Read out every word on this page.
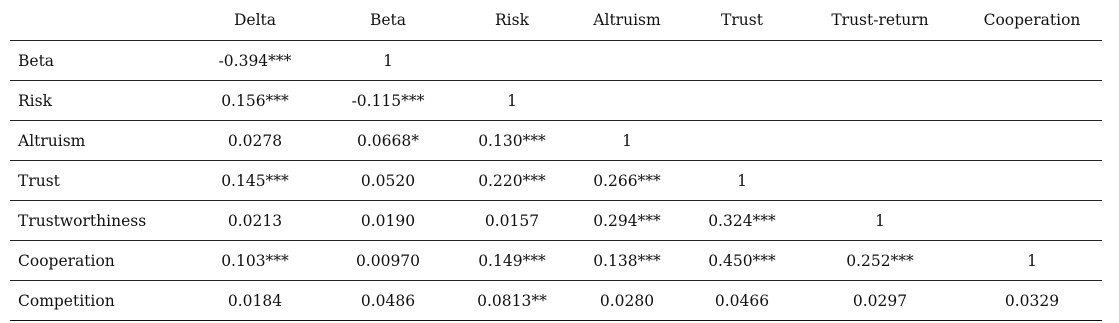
	Delta	Beta	Risk	Altruism	Trust	Trust-return	Cooperation
Beta	-0.394***	1					
Risk	0.156***	-0.115***	1				
Altruism	0.0278	0.0668*	0.130***	1			
Trust	0.145***	0.0520	0.220***	0.266***	1		
Trustworthiness	0.0213	0.0190	0.0157	0.294***	0.324***	1	
Cooperation	0.103***	0.00970	0.149***	0.138***	0.450***	0.252***	1
Competition	0.0184	0.0486	0.0813**	0.0280	0.0466	0.0297	0.0329
